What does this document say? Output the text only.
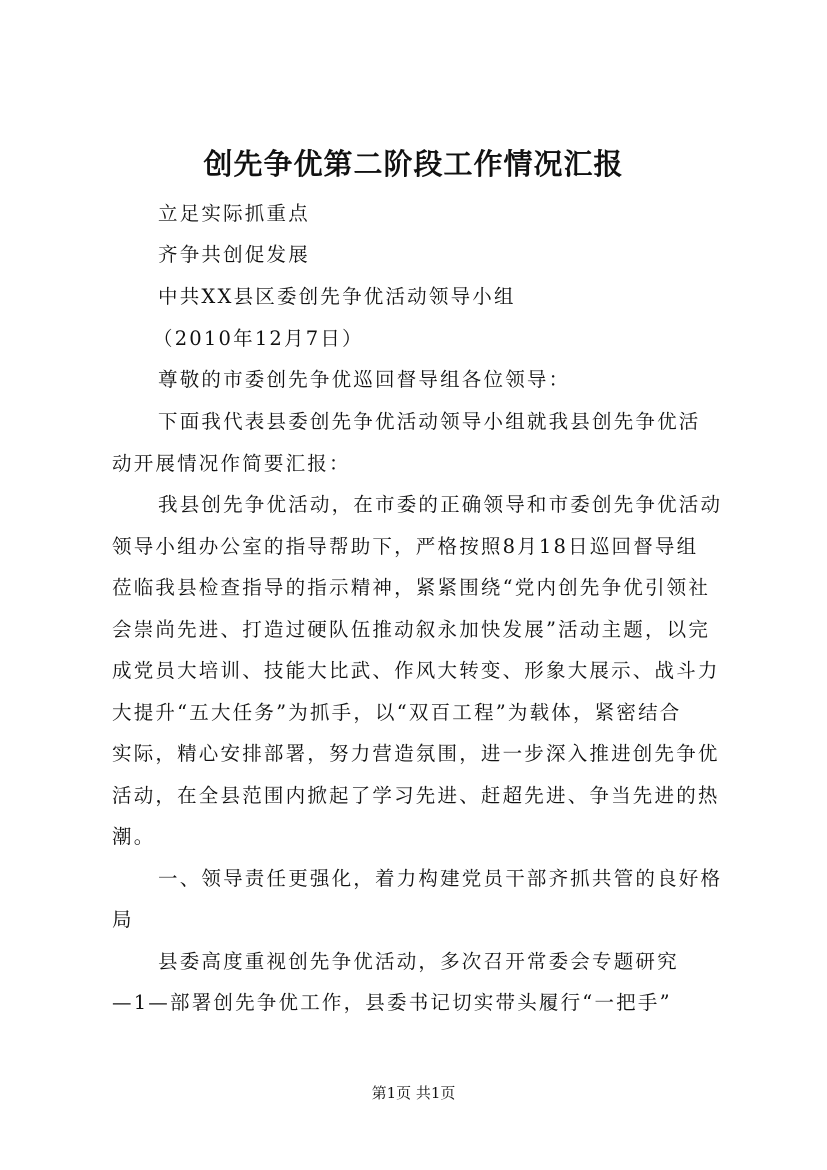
创先争优第二阶段工作情况汇报
立足实际抓重点
齐争共创促发展
中共XX县区委创先争优活动领导小组
（2010年12月7日）
尊敬的市委创先争优巡回督导组各位领导：
下面我代表县委创先争优活动领导小组就我县创先争优活
动开展情况作简要汇报：
我县创先争优活动，在市委的正确领导和市委创先争优活动
领导小组办公室的指导帮助下，严格按照8月18日巡回督导组
莅临我县检查指导的指示精神，紧紧围绕“党内创先争优引领社
会崇尚先进、打造过硬队伍推动叙永加快发展”活动主题，以完
成党员大培训、技能大比武、作风大转变、形象大展示、战斗力
大提升“五大任务”为抓手，以“双百工程”为载体，紧密结合
实际，精心安排部署，努力营造氛围，进一步深入推进创先争优
活动，在全县范围内掀起了学习先进、赶超先进、争当先进的热
潮。
一、领导责任更强化，着力构建党员干部齐抓共管的良好格
局
县委高度重视创先争优活动，多次召开常委会专题研究
—1—部署创先争优工作，县委书记切实带头履行“一把手”
第1页 共1页
